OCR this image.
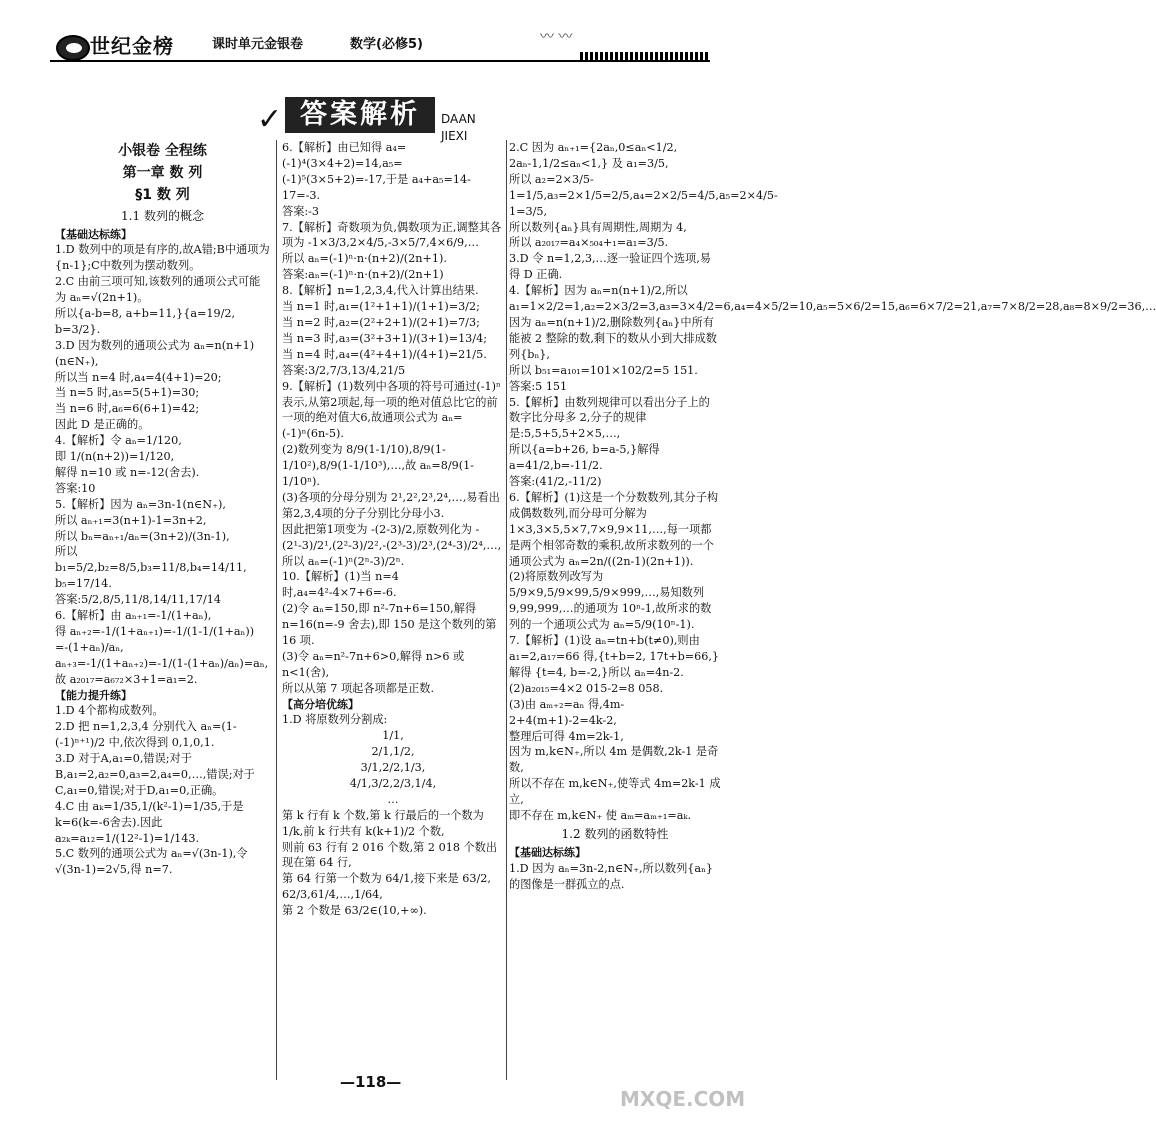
世纪金榜	课时单元金银卷	数学(必修5)	〰 〰
✓ 答案解析	DAAN JIEXI
小银卷 全程练
第一章 数 列
§1 数 列
1.1 数列的概念
【基础达标练】
1.D 数列中的项是有序的,故A错;B中通项为{n-1};C中数列为摆动数列。
2.C 由前三项可知,该数列的通项公式可能为 aₙ=√(2n+1)。
所以{a-b=8, a+b=11,}{a=19/2, b=3/2}.
3.D 因为数列的通项公式为 aₙ=n(n+1)(n∈N₊),
所以当 n=4 时,a₄=4(4+1)=20;
当 n=5 时,a₅=5(5+1)=30;
当 n=6 时,a₆=6(6+1)=42;
因此 D 是正确的。
4.【解析】令 aₙ=1/120,
即 1/(n(n+2))=1/120,
解得 n=10 或 n=-12(舍去).
答案:10
5.【解析】因为 aₙ=3n-1(n∈N₊),
所以 aₙ₊₁=3(n+1)-1=3n+2,
所以 bₙ=aₙ₊₁/aₙ=(3n+2)/(3n-1),
所以 b₁=5/2,b₂=8/5,b₃=11/8,b₄=14/11,
b₅=17/14.
答案:5/2,8/5,11/8,14/11,17/14
6.【解析】由 aₙ₊₁=-1/(1+aₙ),
得 aₙ₊₂=-1/(1+aₙ₊₁)=-1/(1-1/(1+aₙ))
=-(1+aₙ)/aₙ,
aₙ₊₃=-1/(1+aₙ₊₂)=-1/(1-(1+aₙ)/aₙ)=aₙ,
故 a₂₀₁₇=a₆₇₂×3+1=a₁=2.
【能力提升练】
1.D 4个都构成数列。
2.D 把 n=1,2,3,4 分别代入 aₙ=(1-(-1)ⁿ⁺¹)/2 中,依次得到 0,1,0,1.
3.D 对于A,a₁=0,错误;对于B,a₁=2,a₂=0,a₃=2,a₄=0,…,错误;对于C,a₁=0,错误;对于D,a₁=0,正确。
4.C 由 aₖ=1/35,1/(k²-1)=1/35,于是 k=6(k=-6舍去).因此 a₂ₖ=a₁₂=1/(12²-1)=1/143.
5.C 数列的通项公式为 aₙ=√(3n-1),令 √(3n-1)=2√5,得 n=7.
6.【解析】由已知得 a₄=(-1)⁴(3×4+2)=14,a₅=(-1)⁵(3×5+2)=-17,于是 a₄+a₅=14-17=-3.
答案:-3
7.【解析】奇数项为负,偶数项为正,调整其各项为 -1×3/3,2×4/5,-3×5/7,4×6/9,…
所以 aₙ=(-1)ⁿ·n·(n+2)/(2n+1).
答案:aₙ=(-1)ⁿ·n·(n+2)/(2n+1)
8.【解析】n=1,2,3,4,代入计算出结果.
当 n=1 时,a₁=(1²+1+1)/(1+1)=3/2;
当 n=2 时,a₂=(2²+2+1)/(2+1)=7/3;
当 n=3 时,a₃=(3²+3+1)/(3+1)=13/4;
当 n=4 时,a₄=(4²+4+1)/(4+1)=21/5.
答案:3/2,7/3,13/4,21/5
9.【解析】(1)数列中各项的符号可通过(-1)ⁿ表示,从第2项起,每一项的绝对值总比它的前一项的绝对值大6,故通项公式为 aₙ=(-1)ⁿ(6n-5).
(2)数列变为 8/9(1-1/10),8/9(1-1/10²),8/9(1-1/10³),…,故 aₙ=8/9(1-1/10ⁿ).
(3)各项的分母分别为 2¹,2²,2³,2⁴,…,易看出第2,3,4项的分子分别比分母小3.
因此把第1项变为 -(2-3)/2,原数列化为 -(2¹-3)/2¹,(2²-3)/2²,-(2³-3)/2³,(2⁴-3)/2⁴,…,
所以 aₙ=(-1)ⁿ(2ⁿ-3)/2ⁿ.
10.【解析】(1)当 n=4 时,a₄=4²-4×7+6=-6.
(2)令 aₙ=150,即 n²-7n+6=150,解得 n=16(n=-9 舍去),即 150 是这个数列的第 16 项.
(3)令 aₙ=n²-7n+6>0,解得 n>6 或 n<1(舍),
所以从第 7 项起各项都是正数.
【高分培优练】
1.D 将原数列分割成:
1/1,
2/1,1/2,
3/1,2/2,1/3,
4/1,3/2,2/3,1/4,
…
第 k 行有 k 个数,第 k 行最后的一个数为 1/k,前 k 行共有 k(k+1)/2 个数,
则前 63 行有 2 016 个数,第 2 018 个数出现在第 64 行,
第 64 行第一个数为 64/1,接下来是 63/2,
62/3,61/4,…,1/64,
第 2 个数是 63/2∈(10,+∞).
2.C 因为 aₙ₊₁={2aₙ,0≤aₙ<1/2, 2aₙ-1,1/2≤aₙ<1,} 及 a₁=3/5,
所以 a₂=2×3/5-1=1/5,a₃=2×1/5=2/5,a₄=2×2/5=4/5,a₅=2×4/5-1=3/5,
所以数列{aₙ}具有周期性,周期为 4,
所以 a₂₀₁₇=a₄×₅₀₄+₁=a₁=3/5.
3.D 令 n=1,2,3,…逐一验证四个选项,易得 D 正确.
4.【解析】因为 aₙ=n(n+1)/2,所以 a₁=1×2/2=1,a₂=2×3/2=3,a₃=3×4/2=6,a₄=4×5/2=10,a₅=5×6/2=15,a₆=6×7/2=21,a₇=7×8/2=28,a₈=8×9/2=36,…
因为 aₙ=n(n+1)/2,删除数列{aₙ}中所有能被 2 整除的数,剩下的数从小到大排成数列{bₙ},
所以 b₅₁=a₁₀₁=101×102/2=5 151.
答案:5 151
5.【解析】由数列规律可以看出分子上的数字比分母多 2,分子的规律是:5,5+5,5+2×5,…,
所以{a=b+26, b=a-5,}解得 a=41/2,b=-11/2.
答案:(41/2,-11/2)
6.【解析】(1)这是一个分数数列,其分子构成偶数数列,而分母可分解为 1×3,3×5,5×7,7×9,9×11,…,每一项都是两个相邻奇数的乘积,故所求数列的一个通项公式为 aₙ=2n/((2n-1)(2n+1)).
(2)将原数列改写为 5/9×9,5/9×99,5/9×999,…,易知数列 9,99,999,…的通项为 10ⁿ-1,故所求的数列的一个通项公式为 aₙ=5/9(10ⁿ-1).
7.【解析】(1)设 aₙ=tn+b(t≠0),则由 a₁=2,a₁₇=66 得,{t+b=2, 17t+b=66,}解得 {t=4, b=-2,}所以 aₙ=4n-2.
(2)a₂₀₁₅=4×2 015-2=8 058.
(3)由 aₘ₊₂=aₙ 得,4m-2+4(m+1)-2=4k-2,
整理后可得 4m=2k-1,
因为 m,k∈N₊,所以 4m 是偶数,2k-1 是奇数,
所以不存在 m,k∈N₊,使等式 4m=2k-1 成立,
即不存在 m,k∈N₊ 使 aₘ=aₘ₊₁=aₖ.
1.2 数列的函数特性
【基础达标练】
1.D 因为 aₙ=3n-2,n∈N₊,所以数列{aₙ}的图像是一群孤立的点.
—118—
MXQE.COM
